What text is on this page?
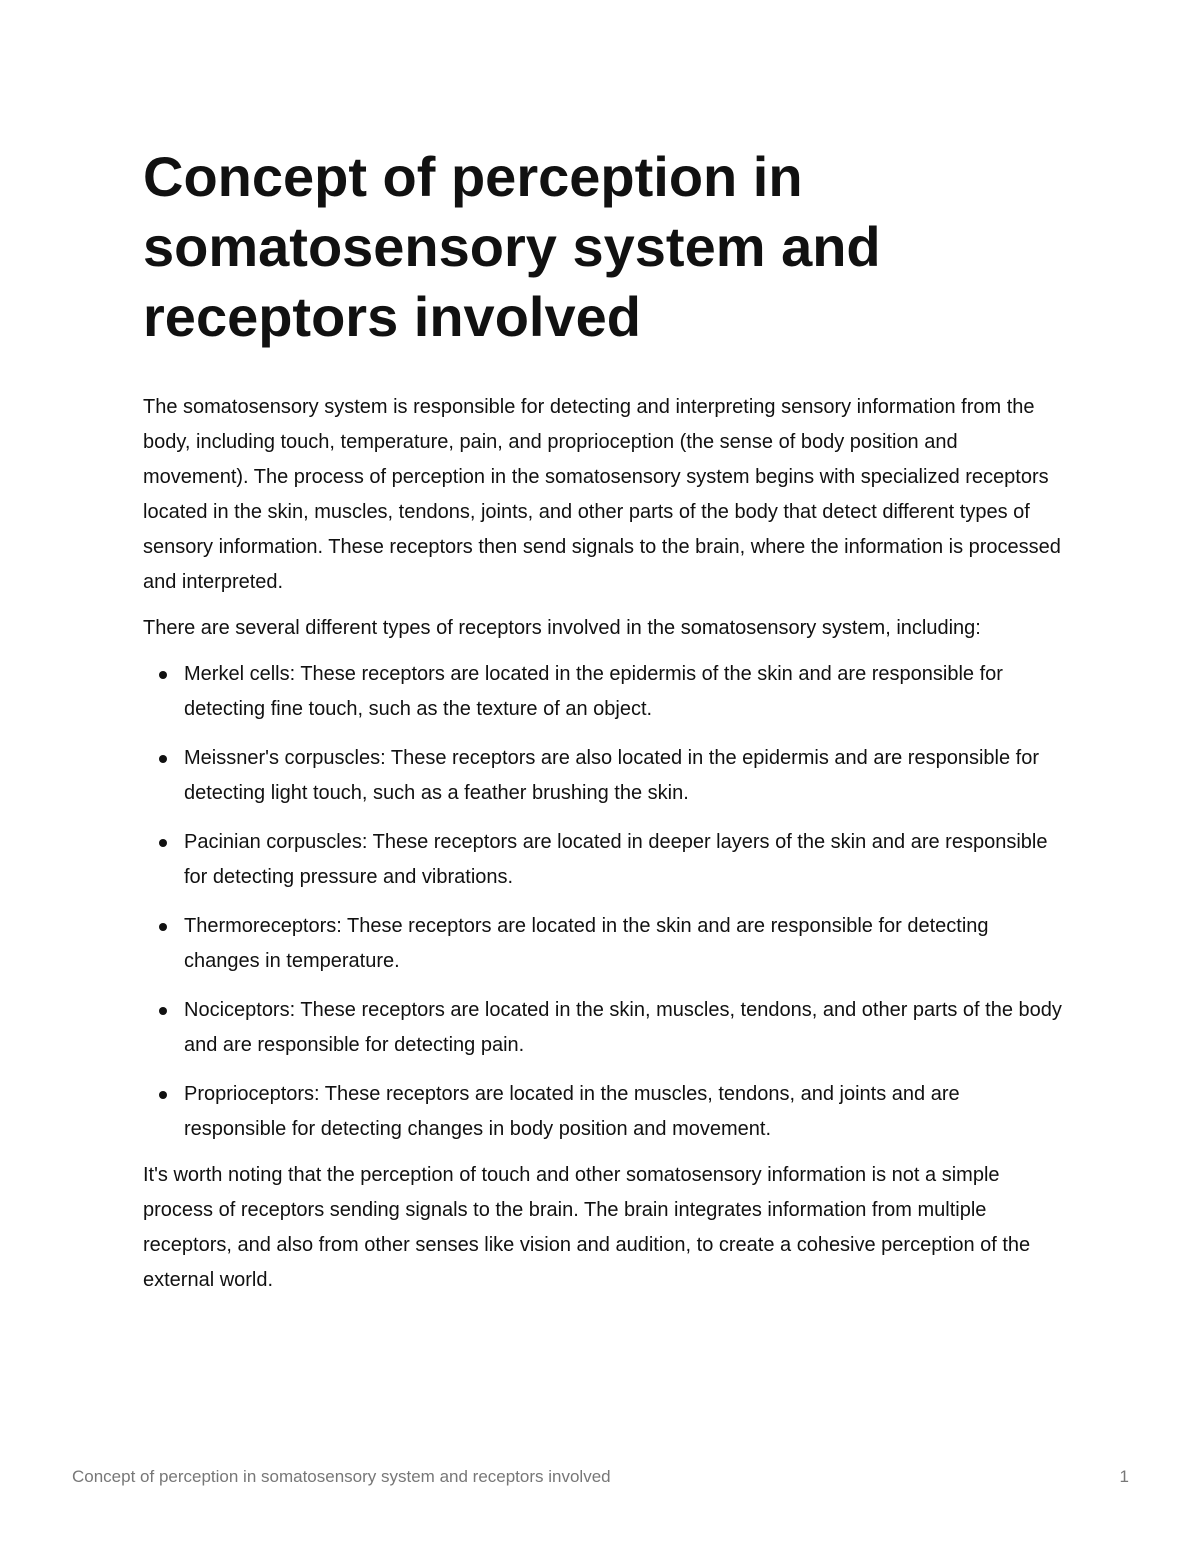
Concept of perception in somatosensory system and receptors involved

The somatosensory system is responsible for detecting and interpreting sensory information from the body, including touch, temperature, pain, and proprioception (the sense of body position and movement). The process of perception in the somatosensory system begins with specialized receptors located in the skin, muscles, tendons, joints, and other parts of the body that detect different types of sensory information. These receptors then send signals to the brain, where the information is processed and interpreted.

There are several different types of receptors involved in the somatosensory system, including:

Merkel cells: These receptors are located in the epidermis of the skin and are responsible for detecting fine touch, such as the texture of an object.
Meissner's corpuscles: These receptors are also located in the epidermis and are responsible for detecting light touch, such as a feather brushing the skin.
Pacinian corpuscles: These receptors are located in deeper layers of the skin and are responsible for detecting pressure and vibrations.
Thermoreceptors: These receptors are located in the skin and are responsible for detecting changes in temperature.
Nociceptors: These receptors are located in the skin, muscles, tendons, and other parts of the body and are responsible for detecting pain.
Proprioceptors: These receptors are located in the muscles, tendons, and joints and are responsible for detecting changes in body position and movement.

It's worth noting that the perception of touch and other somatosensory information is not a simple process of receptors sending signals to the brain. The brain integrates information from multiple receptors, and also from other senses like vision and audition, to create a cohesive perception of the external world.

Concept of perception in somatosensory system and receptors involved	1
